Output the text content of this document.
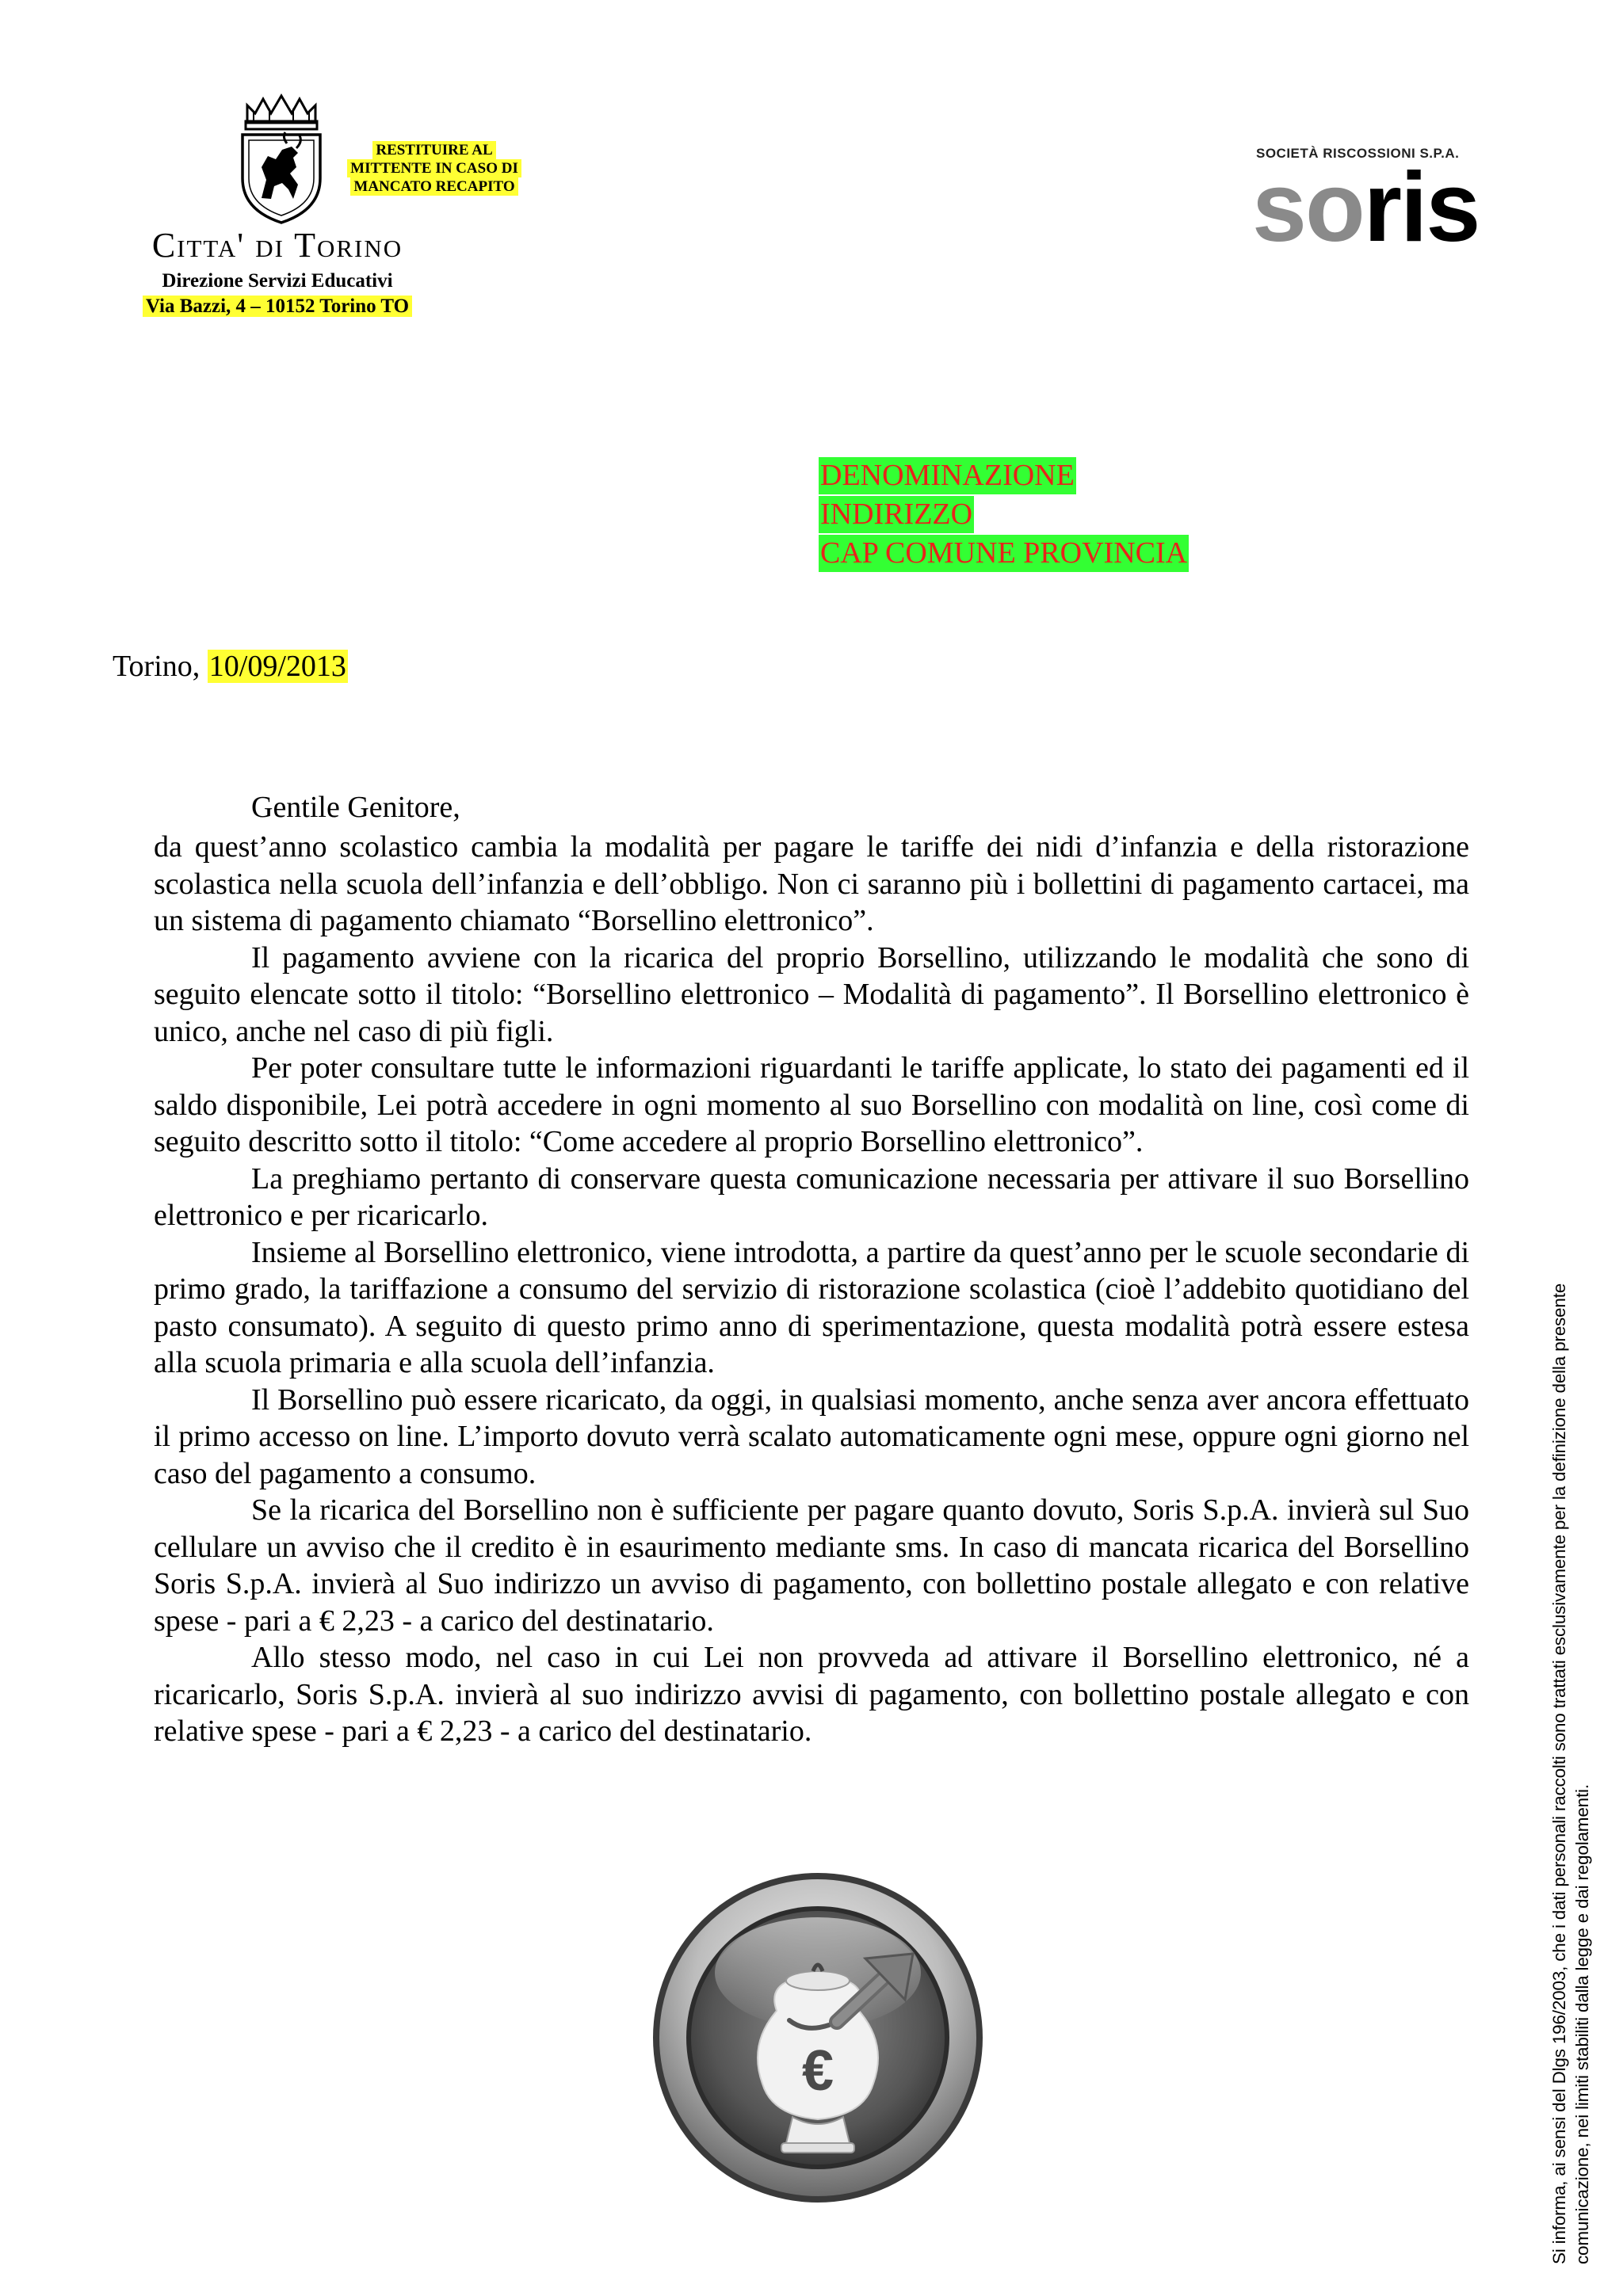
RESTITUIRE AL
MITTENTE IN CASO DI
MANCATO RECAPITO
Citta' di Torino
Direzione Servizi Educativi
Via Bazzi, 4 – 10152 Torino TO
SOCIETÀ RISCOSSIONI S.P.A.
soris
DENOMINAZIONE
INDIRIZZO
CAP COMUNE PROVINCIA
Torino, 10/09/2013
Gentile Genitore,

da quest’anno scolastico cambia la modalità per pagare le tariffe dei nidi d’infanzia e della ristorazione scolastica nella scuola dell’infanzia e dell’obbligo. Non ci saranno più i bollettini di pagamento cartacei, ma un sistema di pagamento chiamato “Borsellino elettronico”.

Il pagamento avviene con la ricarica del proprio Borsellino, utilizzando le modalità che sono di seguito elencate sotto il titolo: “Borsellino elettronico – Modalità di pagamento”. Il Borsellino elettronico è unico, anche nel caso di più figli.

Per poter consultare tutte le informazioni riguardanti le tariffe applicate, lo stato dei pagamenti ed il saldo disponibile, Lei potrà accedere in ogni momento al suo Borsellino con modalità on line, così come di seguito descritto sotto il titolo: “Come accedere al proprio Borsellino elettronico”.

La preghiamo pertanto di conservare questa comunicazione necessaria per attivare il suo Borsellino elettronico e per ricaricarlo.

Insieme al Borsellino elettronico, viene introdotta, a partire da quest’anno per le scuole secondarie di primo grado, la tariffazione a consumo del servizio di ristorazione scolastica (cioè l’addebito quotidiano del pasto consumato). A seguito di questo primo anno di sperimentazione, questa modalità potrà essere estesa alla scuola primaria e alla scuola dell’infanzia.

Il Borsellino può essere ricaricato, da oggi, in qualsiasi momento, anche senza aver ancora effettuato il primo accesso on line. L’importo dovuto verrà scalato automaticamente ogni mese, oppure ogni giorno nel caso del pagamento a consumo.

Se la ricarica del Borsellino non è sufficiente per pagare quanto dovuto, Soris S.p.A. invierà sul Suo cellulare un avviso che il credito è in esaurimento mediante sms. In caso di mancata ricarica del Borsellino Soris S.p.A. invierà al Suo indirizzo un avviso di pagamento, con bollettino postale allegato e con relative spese - pari a € 2,23 - a carico del destinatario.

Allo stesso modo, nel caso in cui Lei non provveda ad attivare il Borsellino elettronico, né a ricaricarlo, Soris S.p.A. invierà al suo indirizzo avvisi di pagamento, con bollettino postale allegato e con relative spese - pari a € 2,23 - a carico del destinatario.

€	Si informa, ai sensi del Dlgs 196/2003, che i dati personali raccolti sono trattati esclusivamente per la definizione della presente comunicazione, nei limiti stabiliti dalla legge e dai regolamenti.
